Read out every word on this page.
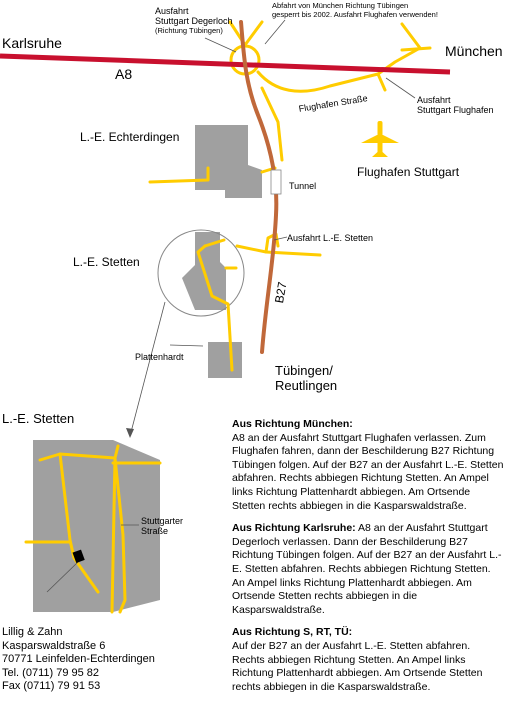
Karlsruhe	München
A8
Ausfahrt
Stuttgart Degerloch
(Richtung Tübingen)
Abfahrt von München Richtung Tübingen
gesperrt bis 2002. Ausfahrt Flughafen verwenden!
Flughafen Straße	Ausfahrt
Stuttgart Flughafen
Flughafen Stuttgart
L.-E. Echterdingen
Tunnel
Ausfahrt L.-E. Stetten
L.-E. Stetten
B27
Plattenhardt
Tübingen/
Reutlingen
L.-E. Stetten
Stuttgarter
Straße
Lillig & Zahn
Kasparswaldstraße 6
70771 Leinfelden-Echterdingen
Tel. (0711) 79 95 82
Fax (0711) 79 91 53

Aus Richtung München:
A8 an der Ausfahrt Stuttgart Flughafen verlassen. Zum Flughafen fahren, dann der Beschilderung B27 Richtung Tübingen folgen. Auf der B27 an der Ausfahrt L.-E. Stetten abfahren. Rechts abbiegen Richtung Stetten. An Ampel links Richtung Plattenhardt abbiegen. Am Ortsende Stetten rechts abbiegen in die Kasparswaldstraße.

Aus Richtung Karlsruhe: A8 an der Ausfahrt Stuttgart Degerloch verlassen. Dann der Beschilderung B27 Richtung Tübingen folgen. Auf der B27 an der Ausfahrt L.-E. Stetten abfahren. Rechts abbiegen Richtung Stetten. An Ampel links Richtung Plattenhardt abbiegen. Am Ortsende Stetten rechts abbiegen in die Kasparswaldstraße.

Aus Richtung S, RT, TÜ:
Auf der B27 an der Ausfahrt L.-E. Stetten abfahren. Rechts abbiegen Richtung Stetten. An Ampel links Richtung Plattenhardt abbiegen. Am Ortsende Stetten rechts abbiegen in die Kasparswaldstraße.
